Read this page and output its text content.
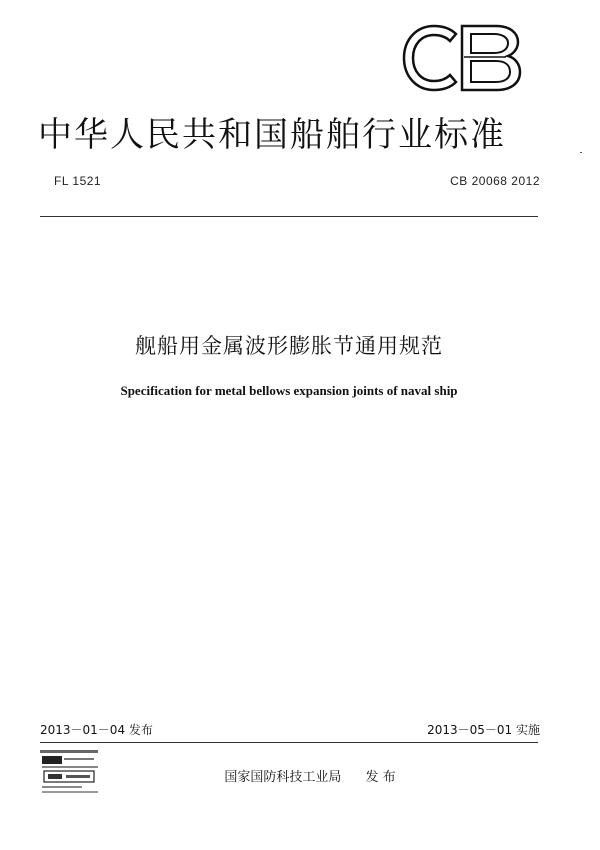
中华人民共和国船舶行业标准
FL 1521	CB 20068 2012
舰船用金属波形膨胀节通用规范
Specification for metal bellows expansion joints of naval ship
2013－01－04 发布	2013－05－01 实施
国家国防科技工业局 发 布
